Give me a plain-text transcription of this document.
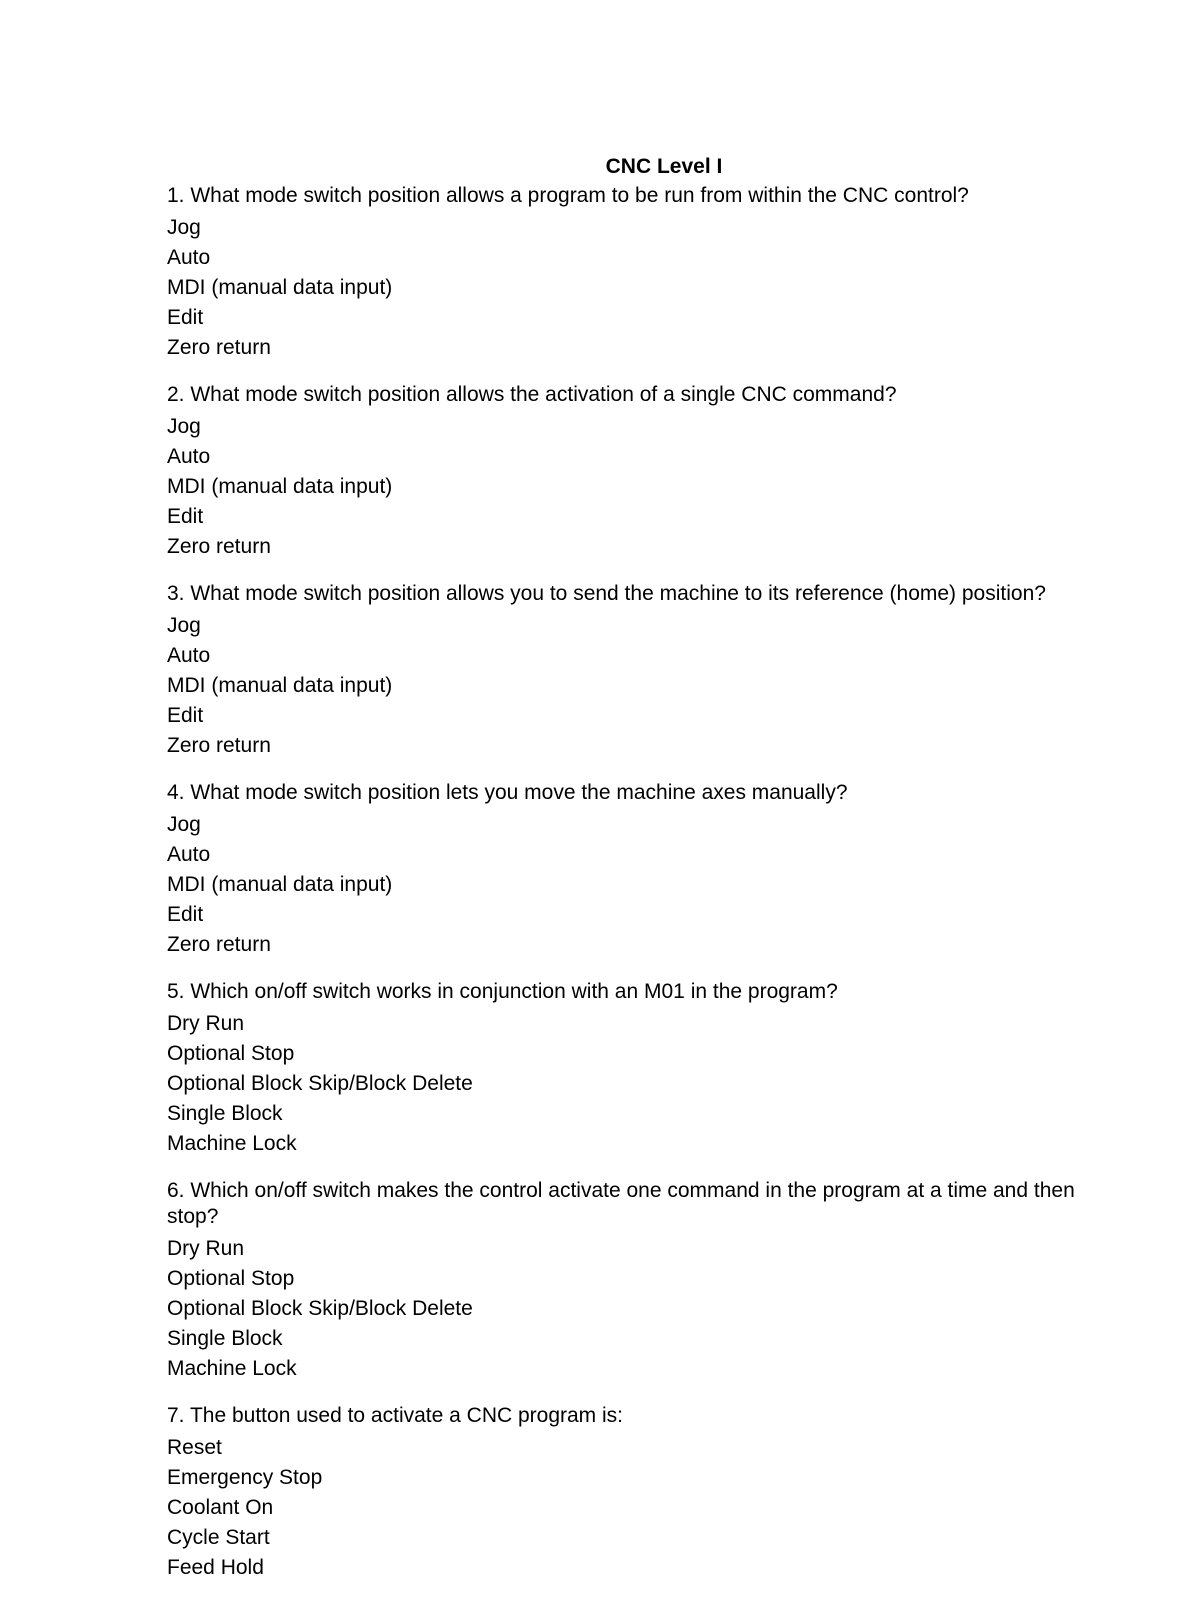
CNC Level I
1. What mode switch position allows a program to be run from within the CNC control?
Jog
Auto
MDI (manual data input)
Edit
Zero return
2. What mode switch position allows the activation of a single CNC command?
Jog
Auto
MDI (manual data input)
Edit
Zero return
3. What mode switch position allows you to send the machine to its reference (home) position?
Jog
Auto
MDI (manual data input)
Edit
Zero return
4. What mode switch position lets you move the machine axes manually?
Jog
Auto
MDI (manual data input)
Edit
Zero return
5. Which on/off switch works in conjunction with an M01 in the program?
Dry Run
Optional Stop
Optional Block Skip/Block Delete
Single Block
Machine Lock
6. Which on/off switch makes the control activate one command in the program at a time and then stop?
Dry Run
Optional Stop
Optional Block Skip/Block Delete
Single Block
Machine Lock
7. The button used to activate a CNC program is:
Reset
Emergency Stop
Coolant On
Cycle Start
Feed Hold
